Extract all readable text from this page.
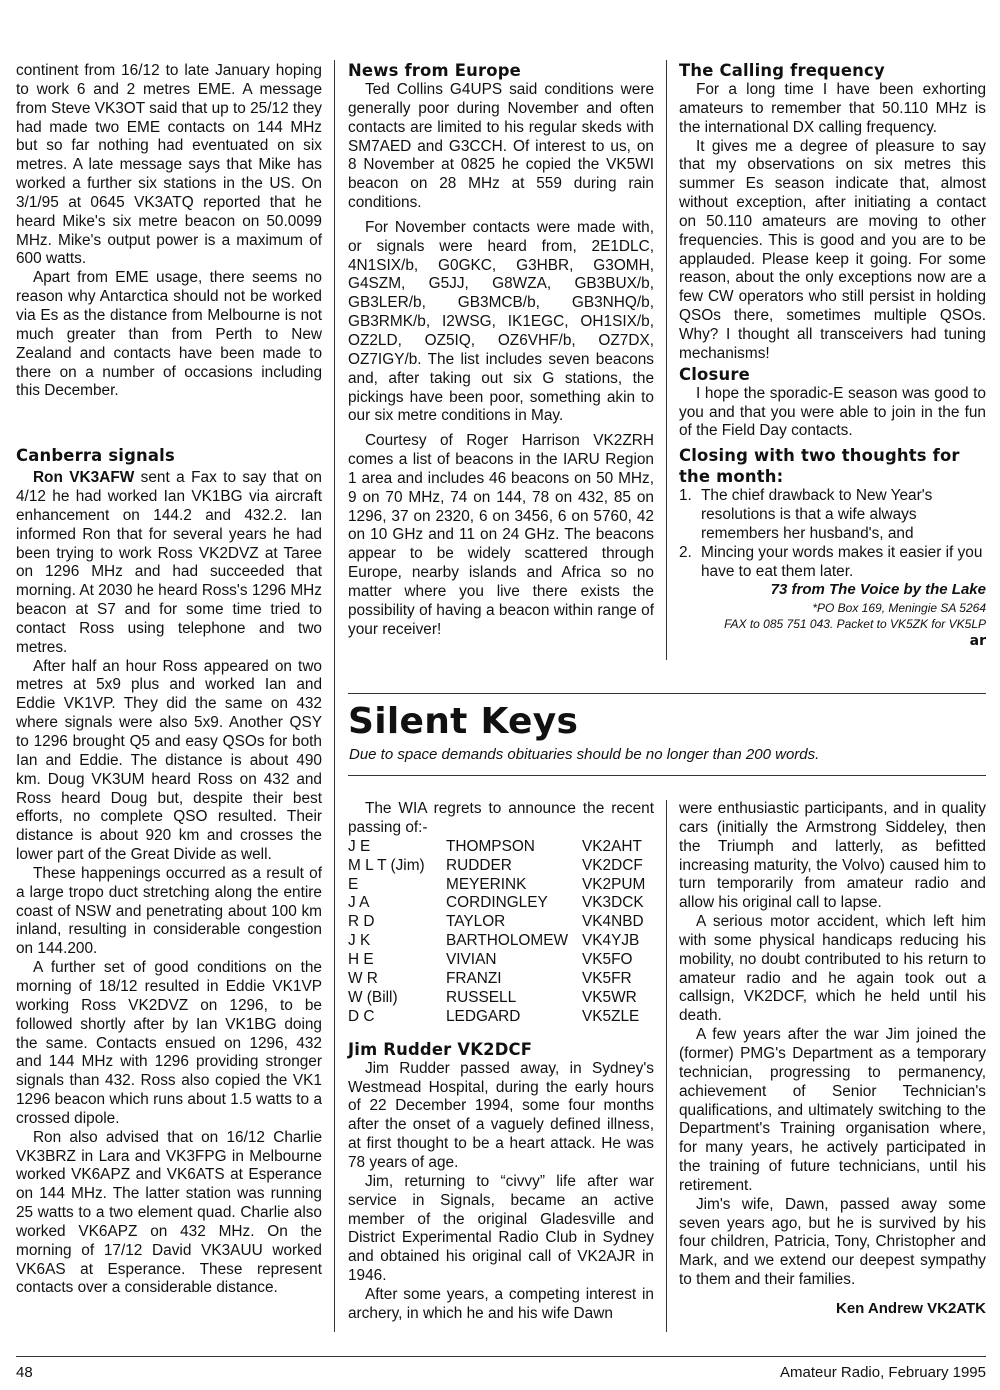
continent from 16/12 to late January hoping to work 6 and 2 metres EME. A message from Steve VK3OT said that up to 25/12 they had made two EME contacts on 144 MHz but so far nothing had eventuated on six metres. A late message says that Mike has worked a further six stations in the US. On 3/1/95 at 0645 VK3ATQ reported that he heard Mike's six metre beacon on 50.0099 MHz. Mike's output power is a maximum of 600 watts.

Apart from EME usage, there seems no reason why Antarctica should not be worked via Es as the distance from Melbourne is not much greater than from Perth to New Zealand and contacts have been made to there on a number of occasions including this December.

Canberra signals

Ron VK3AFW sent a Fax to say that on 4/12 he had worked Ian VK1BG via aircraft enhancement on 144.2 and 432.2. Ian informed Ron that for several years he had been trying to work Ross VK2DVZ at Taree on 1296 MHz and had succeeded that morning. At 2030 he heard Ross's 1296 MHz beacon at S7 and for some time tried to contact Ross using telephone and two metres.

After half an hour Ross appeared on two metres at 5x9 plus and worked Ian and Eddie VK1VP. They did the same on 432 where signals were also 5x9. Another QSY to 1296 brought Q5 and easy QSOs for both Ian and Eddie. The distance is about 490 km. Doug VK3UM heard Ross on 432 and Ross heard Doug but, despite their best efforts, no complete QSO resulted. Their distance is about 920 km and crosses the lower part of the Great Divide as well.

These happenings occurred as a result of a large tropo duct stretching along the entire coast of NSW and penetrating about 100 km inland, resulting in considerable congestion on 144.200.

A further set of good conditions on the morning of 18/12 resulted in Eddie VK1VP working Ross VK2DVZ on 1296, to be followed shortly after by Ian VK1BG doing the same. Contacts ensued on 1296, 432 and 144 MHz with 1296 providing stronger signals than 432. Ross also copied the VK1 1296 beacon which runs about 1.5 watts to a crossed dipole.

Ron also advised that on 16/12 Charlie VK3BRZ in Lara and VK3FPG in Melbourne worked VK6APZ and VK6ATS at Esperance on 144 MHz. The latter station was running 25 watts to a two element quad. Charlie also worked VK6APZ on 432 MHz. On the morning of 17/12 David VK3AUU worked VK6AS at Esperance. These represent contacts over a considerable distance.

News from Europe

Ted Collins G4UPS said conditions were generally poor during November and often contacts are limited to his regular skeds with SM7AED and G3CCH. Of interest to us, on 8 November at 0825 he copied the VK5WI beacon on 28 MHz at 559 during rain conditions.

For November contacts were made with, or signals were heard from, 2E1DLC, 4N1SIX/b, G0GKC, G3HBR, G3OMH, G4SZM, G5JJ, G8WZA, GB3BUX/b, GB3LER/b, GB3MCB/b, GB3NHQ/b, GB3RMK/b, I2WSG, IK1EGC, OH1SIX/b, OZ2LD, OZ5IQ, OZ6VHF/b, OZ7DX, OZ7IGY/b. The list includes seven beacons and, after taking out six G stations, the pickings have been poor, something akin to our six metre conditions in May.

Courtesy of Roger Harrison VK2ZRH comes a list of beacons in the IARU Region 1 area and includes 46 beacons on 50 MHz, 9 on 70 MHz, 74 on 144, 78 on 432, 85 on 1296, 37 on 2320, 6 on 3456, 6 on 5760, 42 on 10 GHz and 11 on 24 GHz. The beacons appear to be widely scattered through Europe, nearby islands and Africa so no matter where you live there exists the possibility of having a beacon within range of your receiver!

The Calling frequency

For a long time I have been exhorting amateurs to remember that 50.110 MHz is the international DX calling frequency.

It gives me a degree of pleasure to say that my observations on six metres this summer Es season indicate that, almost without exception, after initiating a contact on 50.110 amateurs are moving to other frequencies. This is good and you are to be applauded. Please keep it going. For some reason, about the only exceptions now are a few CW operators who still persist in holding QSOs there, sometimes multiple QSOs. Why? I thought all transceivers had tuning mechanisms!

Closure

I hope the sporadic-E season was good to you and that you were able to join in the fun of the Field Day contacts.

Closing with two thoughts for the month:
1. The chief drawback to New Year's resolutions is that a wife always remembers her husband's, and
2. Mincing your words makes it easier if you have to eat them later.
73 from The Voice by the Lake
*PO Box 169, Meningie SA 5264
FAX to 085 751 043. Packet to VK5ZK for VK5LP
ar
Silent Keys

Due to space demands obituaries should be no longer than 200 words.

The WIA regrets to announce the recent passing of:-

J E	THOMPSON	VK2AHT
M L T (Jim)	RUDDER	VK2DCF
E	MEYERINK	VK2PUM
J A	CORDINGLEY	VK3DCK
R D	TAYLOR	VK4NBD
J K	BARTHOLOMEW	VK4YJB
H E	VIVIAN	VK5FO
W R	FRANZI	VK5FR
W (Bill)	RUSSELL	VK5WR
D C	LEDGARD	VK5ZLE
Jim Rudder VK2DCF

Jim Rudder passed away, in Sydney's Westmead Hospital, during the early hours of 22 December 1994, some four months after the onset of a vaguely defined illness, at first thought to be a heart attack. He was 78 years of age.

Jim, returning to “civvy” life after war service in Signals, became an active member of the original Gladesville and District Experimental Radio Club in Sydney and obtained his original call of VK2AJR in 1946.

After some years, a competing interest in archery, in which he and his wife Dawn

were enthusiastic participants, and in quality cars (initially the Armstrong Siddeley, then the Triumph and latterly, as befitted increasing maturity, the Volvo) caused him to turn temporarily from amateur radio and allow his original call to lapse.

A serious motor accident, which left him with some physical handicaps reducing his mobility, no doubt contributed to his return to amateur radio and he again took out a callsign, VK2DCF, which he held until his death.

A few years after the war Jim joined the (former) PMG's Department as a temporary technician, progressing to permanency, achievement of Senior Technician's qualifications, and ultimately switching to the Department's Training organisation where, for many years, he actively participated in the training of future technicians, until his retirement.

Jim's wife, Dawn, passed away some seven years ago, but he is survived by his four children, Patricia, Tony, Christopher and Mark, and we extend our deepest sympathy to them and their families.

Ken Andrew VK2ATK
48	Amateur Radio, February 1995
